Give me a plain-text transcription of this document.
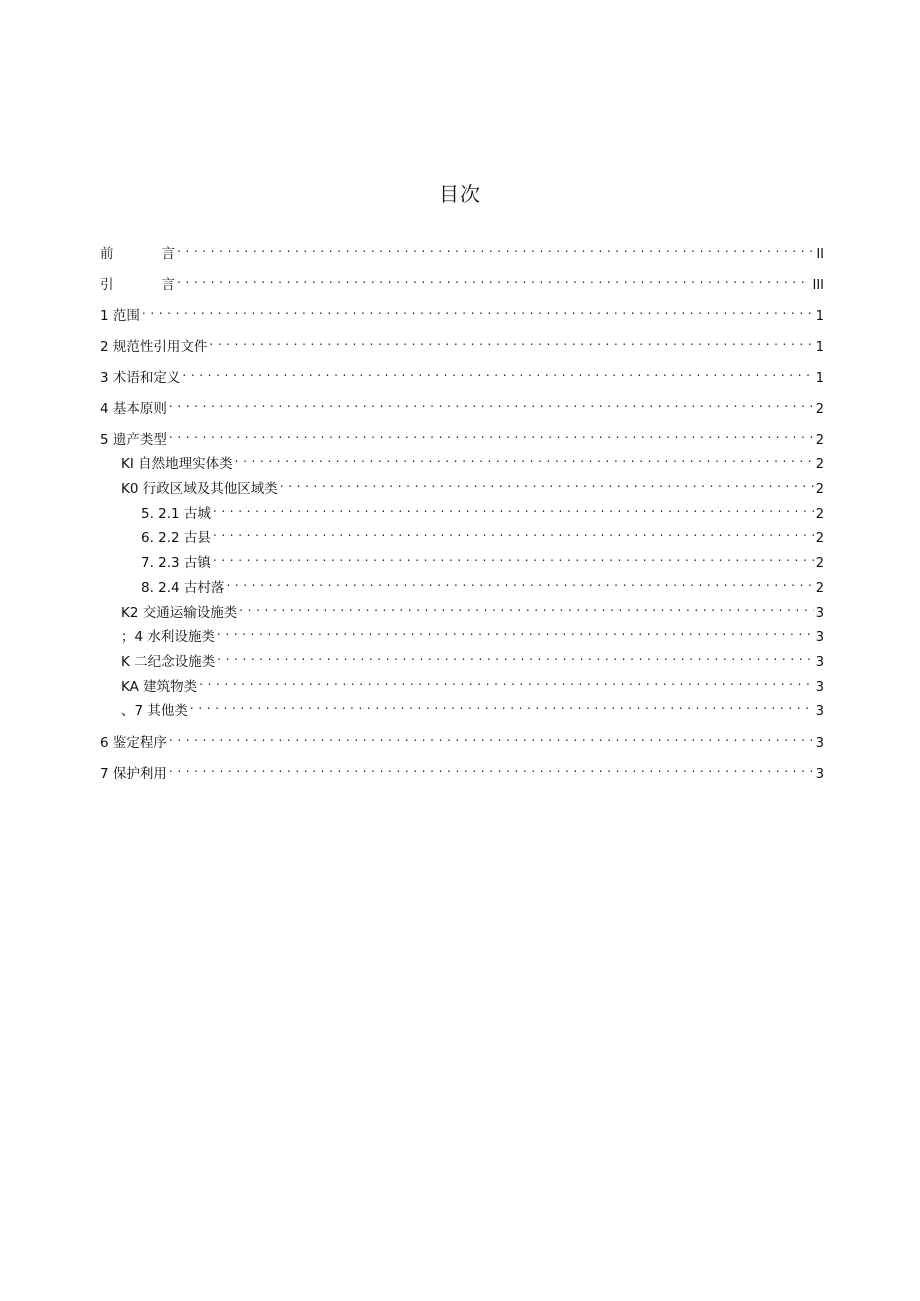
目次
前	言 . . .	II
引	言 . . .	III
1 范围 . . .	1
2 规范性引用文件 . . .	1
3 术语和定义 . . .	1
4 基本原则 . . .	2
5 遗产类型 . . .	2
KI 自然地理实体类 . . .	2
K0 行政区域及其他区域类 . . .	2
5. 2.1 古城 . . .	2
6. 2.2 古县 . . .	2
7. 2.3 古镇 . . .	2
8. 2.4 古村落 . . .	2
K2 交通运输设施类 . . .	3
；4 水利设施类 . . .	3
K 二纪念设施类 . . .	3
KA 建筑物类 . . .	3
、7 其他类 . . .	3
6 鉴定程序 . . .	3
7 保护利用 . . .	3
